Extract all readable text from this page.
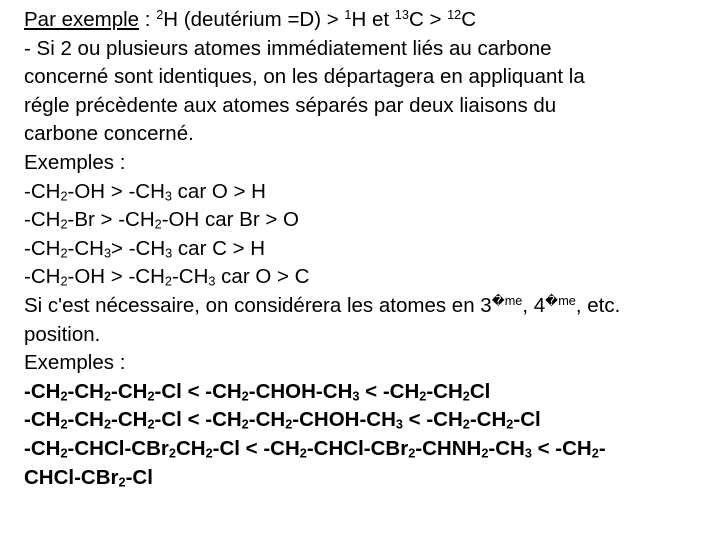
Par exemple : $^2$H (deutérium =D) > $^1$H et $^{13}$C > $^{12}$C
- Si 2 ou plusieurs atomes immédiatement liés au carbone
concerné sont identiques, on les départagera en appliquant la
régle précèdente aux atomes séparés par deux liaisons du
carbone concerné.
Exemples :
$-CH_2-OH > -CH_3$ car O > H
$-CH_2-Br > -CH_2-OH$ car Br > O
$-CH_2-CH_3> -CH_3$ car C > H
$-CH_2-OH > -CH_2-CH_3$ car O > C
Si c'est nécessaire, on considérera les atomes en $3^{�me}$, $4^{�me}$, etc.
position.
Exemples :
$-CH_2-CH_2-CH_2-Cl$ < $-CH_2-CHOH-CH_3 < -CH_2-CH_2Cl$
$-CH_2-CH_2-CH_2-Cl$ < $-CH_2-CH_2-CHOH-CH_3 < -CH_2-CH_2-Cl$
$-CH_2-CHCl-CBr_2CH_2-Cl$ < $-CH_2-CHCl-CBr_2-CHNH_2-CH_3 < -CH_2-$
CHCl-CBr$_2$-Cl
